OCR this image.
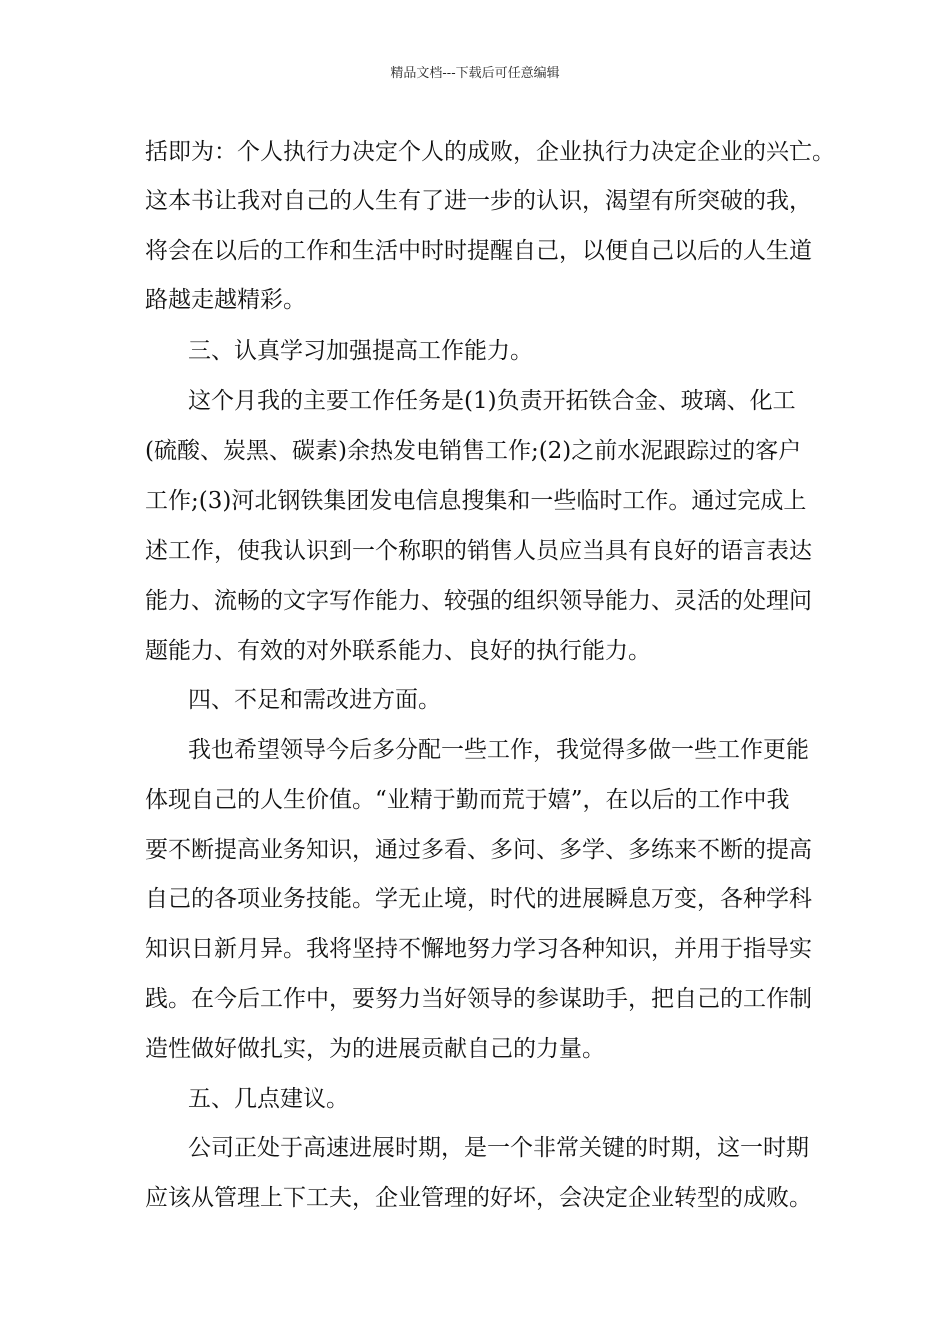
精品文档---下载后可任意编辑
括即为：个人执行力决定个人的成败，企业执行力决定企业的兴亡。
这本书让我对自己的人生有了进一步的认识，渴望有所突破的我，
将会在以后的工作和生活中时时提醒自己，以便自己以后的人生道
路越走越精彩。
三、认真学习加强提高工作能力。
这个月我的主要工作任务是(1)负责开拓铁合金、玻璃、化工
(硫酸、炭黑、碳素)余热发电销售工作;(2)之前水泥跟踪过的客户
工作;(3)河北钢铁集团发电信息搜集和一些临时工作。通过完成上
述工作，使我认识到一个称职的销售人员应当具有良好的语言表达
能力、流畅的文字写作能力、较强的组织领导能力、灵活的处理问
题能力、有效的对外联系能力、良好的执行能力。
四、不足和需改进方面。
我也希望领导今后多分配一些工作，我觉得多做一些工作更能
体现自己的人生价值。“业精于勤而荒于嬉”，在以后的工作中我
要不断提高业务知识，通过多看、多问、多学、多练来不断的提高
自己的各项业务技能。学无止境，时代的进展瞬息万变，各种学科
知识日新月异。我将坚持不懈地努力学习各种知识，并用于指导实
践。在今后工作中，要努力当好领导的参谋助手，把自己的工作制
造性做好做扎实，为的进展贡献自己的力量。
五、几点建议。
公司正处于高速进展时期，是一个非常关键的时期，这一时期
应该从管理上下工夫，企业管理的好坏，会决定企业转型的成败。
